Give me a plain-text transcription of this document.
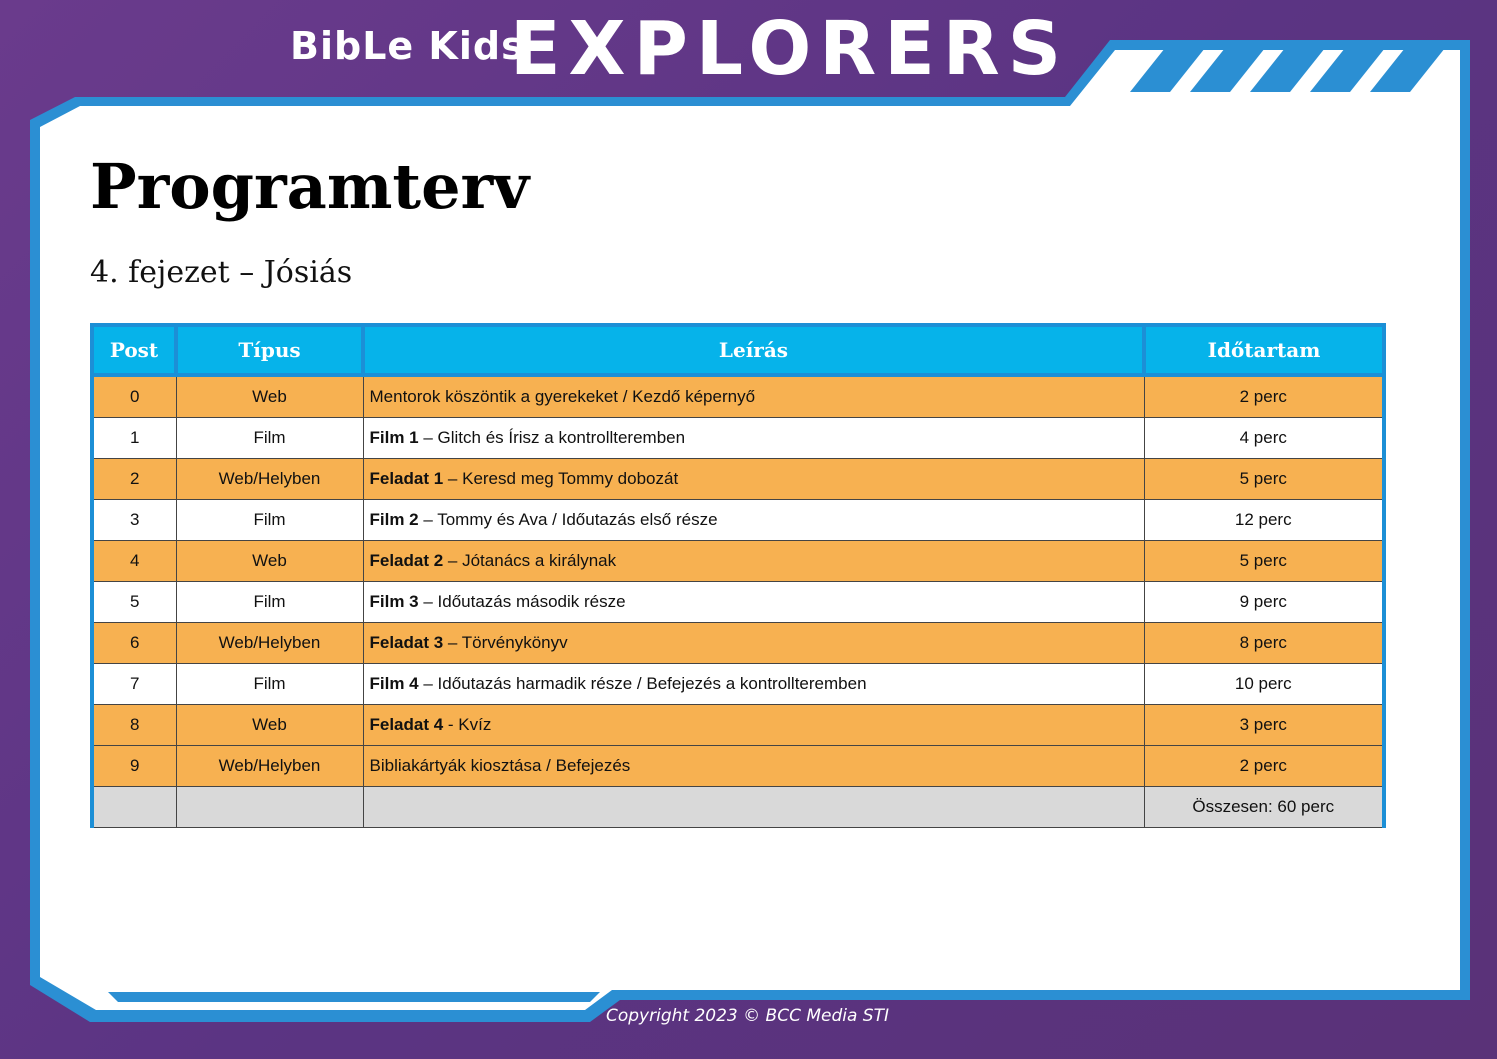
BibLe Kids
EXPLORERS
Programterv
4. fejezet – Jósiás
Post	Típus	Leírás	Időtartam
0	Web	Mentorok köszöntik a gyerekeket / Kezdő képernyő	2 perc
1	Film	Film 1 – Glitch és Írisz a kontrollteremben	4 perc
2	Web/Helyben	Feladat 1 – Keresd meg Tommy dobozát	5 perc
3	Film	Film 2 – Tommy és Ava / Időutazás első része	12 perc
4	Web	Feladat 2 – Jótanács a királynak	5 perc
5	Film	Film 3 – Időutazás második része	9 perc
6	Web/Helyben	Feladat 3 – Törvénykönyv	8 perc
7	Film	Film 4 – Időutazás harmadik része / Befejezés a kontrollteremben	10 perc
8	Web	Feladat 4 - Kvíz	3 perc
9	Web/Helyben	Bibliakártyák kiosztása / Befejezés	2 perc
			Összesen: 60 perc
Copyright 2023 © BCC Media STI
